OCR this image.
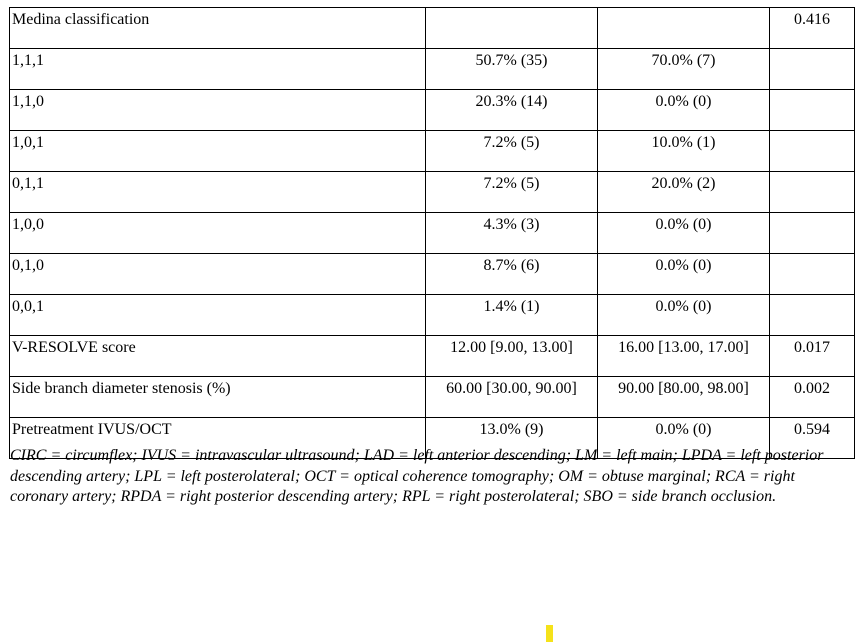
Medina classification			0.416
1,1,1	50.7% (35)	70.0% (7)	
1,1,0	20.3% (14)	0.0% (0)	
1,0,1	7.2% (5)	10.0% (1)	
0,1,1	7.2% (5)	20.0% (2)	
1,0,0	4.3% (3)	0.0% (0)	
0,1,0	8.7% (6)	0.0% (0)	
0,0,1	1.4% (1)	0.0% (0)	
V-RESOLVE score	12.00 [9.00, 13.00]	16.00 [13.00, 17.00]	0.017
Side branch diameter stenosis (%)	60.00 [30.00, 90.00]	90.00 [80.00, 98.00]	0.002
Pretreatment IVUS/OCT	13.0% (9)	0.0% (0)	0.594
CIRC = circumflex; IVUS = intravascular ultrasound; LAD = left anterior descending; LM = left main; LPDA = left posterior descending artery; LPL = left posterolateral; OCT = optical coherence tomography; OM = obtuse marginal; RCA = right coronary artery; RPDA = right posterior descending artery; RPL = right posterolateral; SBO = side branch occlusion.
